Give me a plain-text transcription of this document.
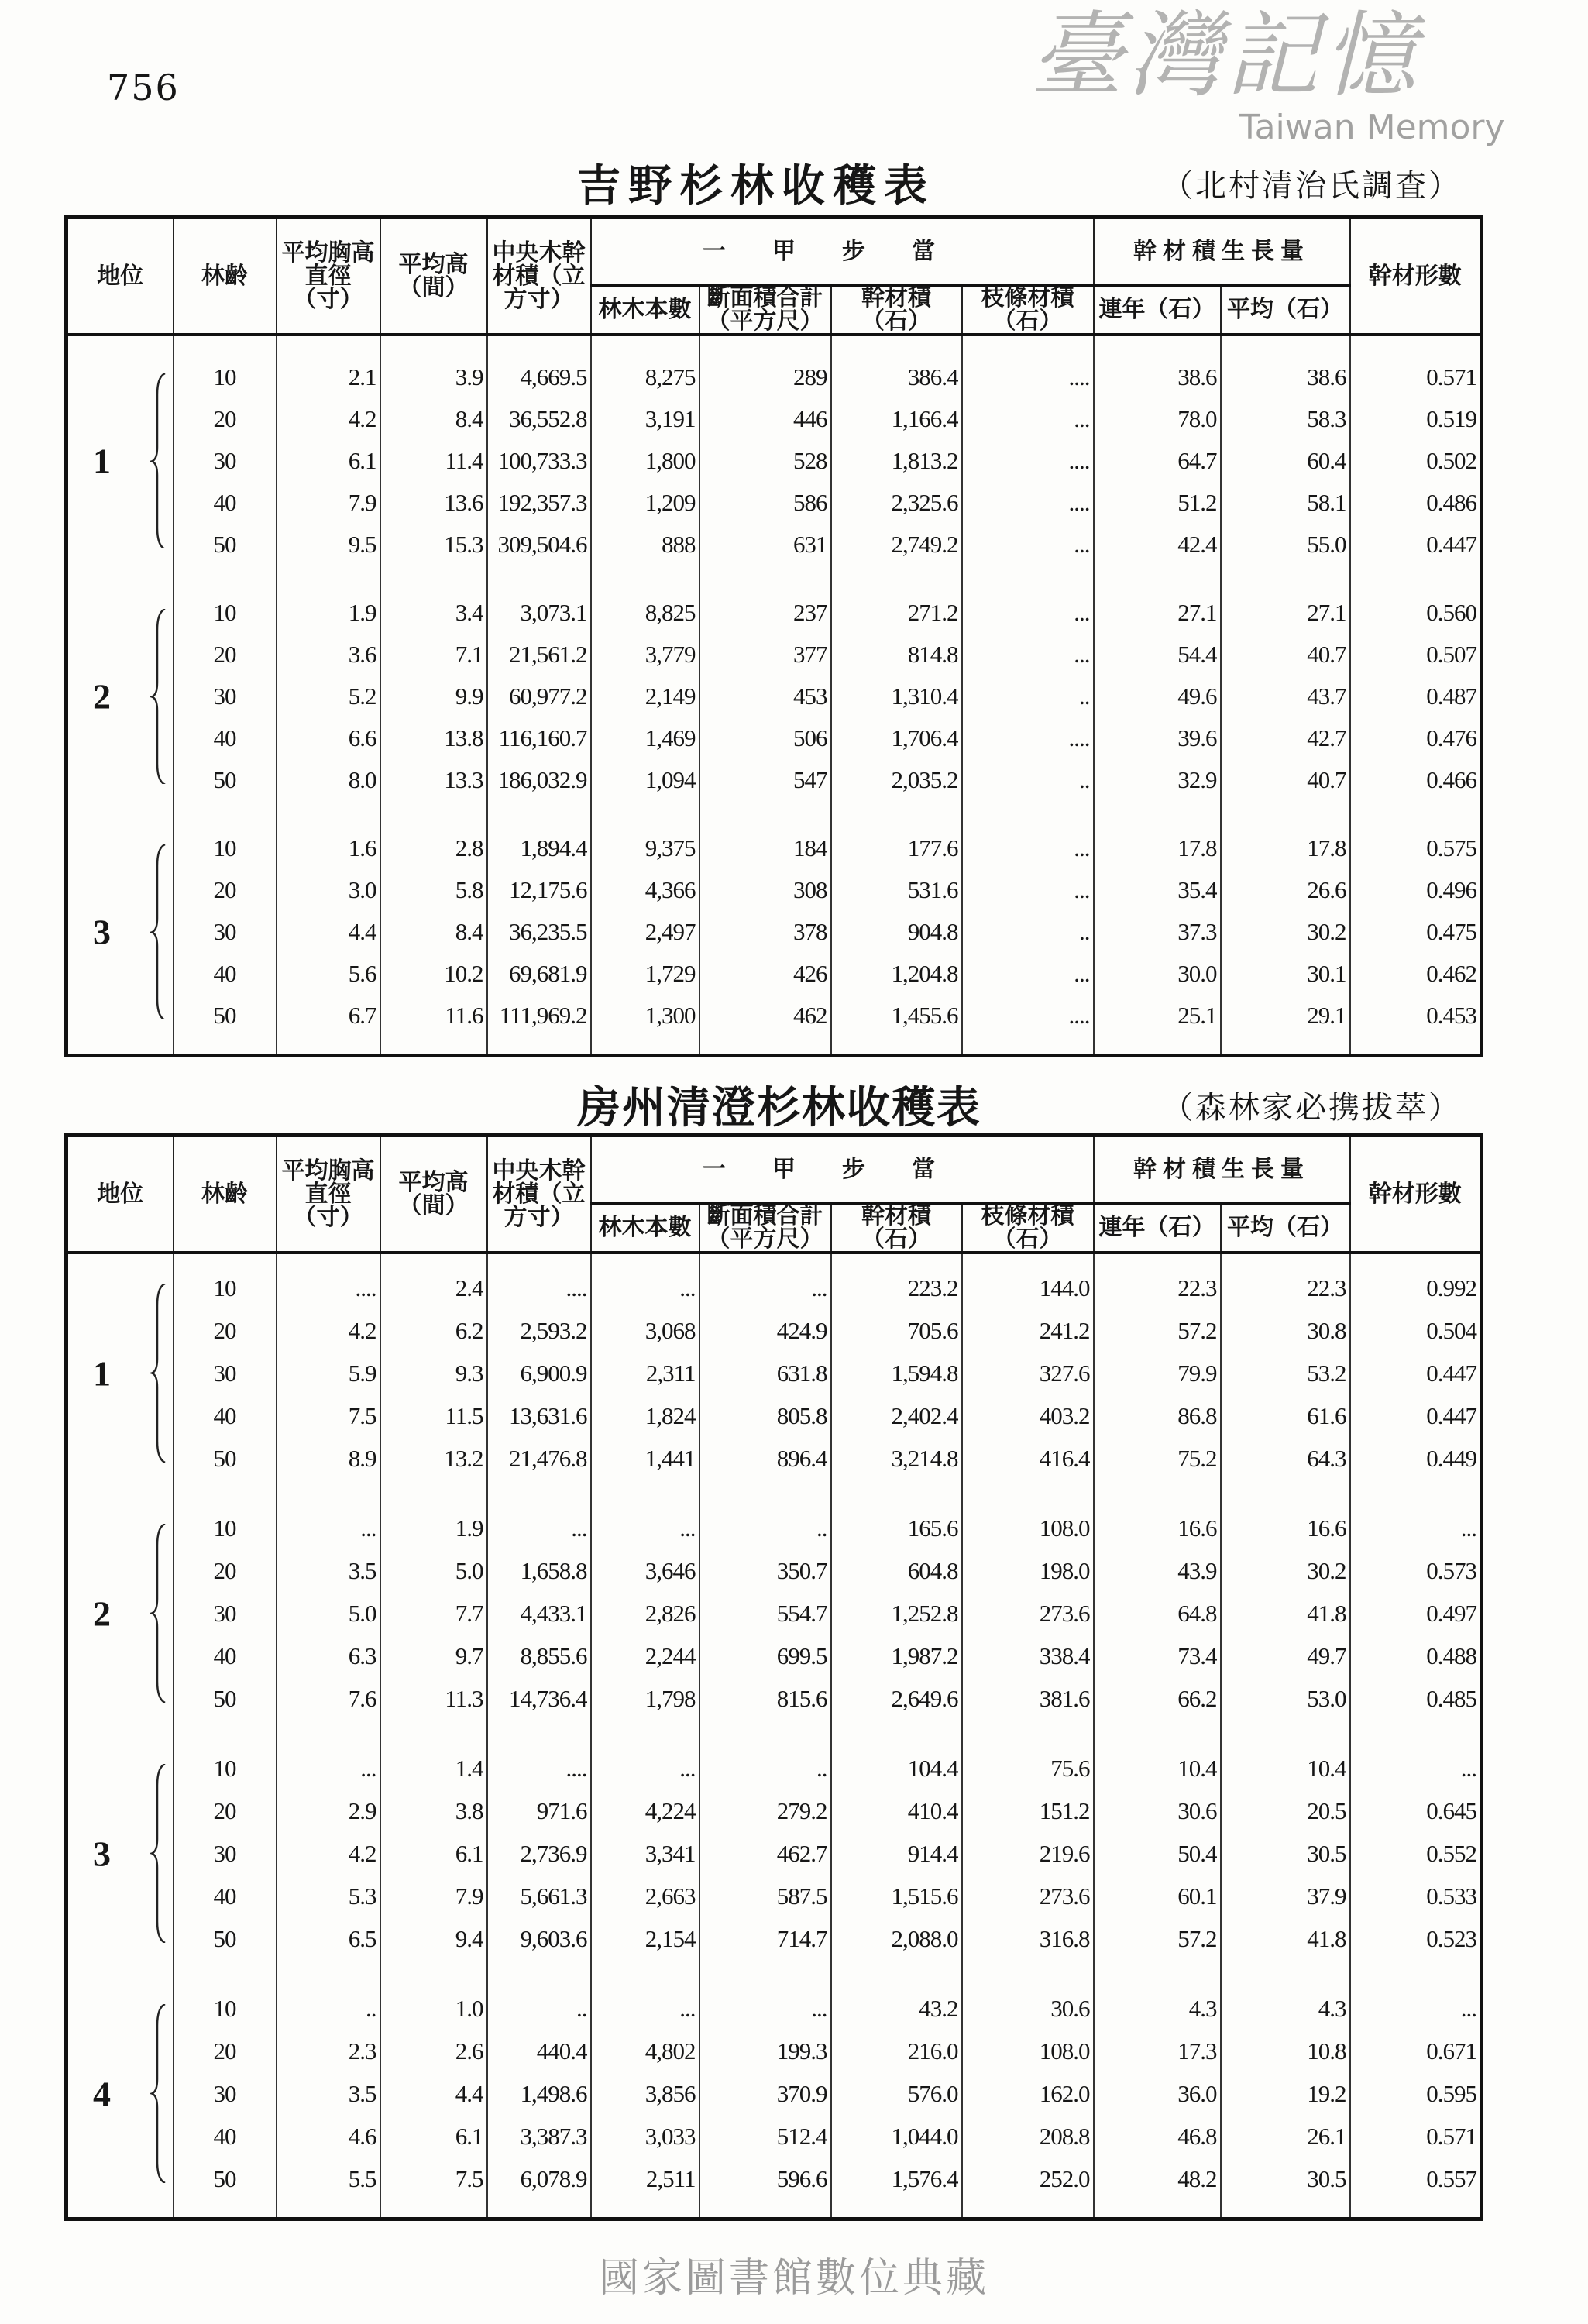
756	臺灣記憶
Taiwan Memory
吉野杉林收穫表	（北村清治氏調査）
地位	林齡	平均胸高直徑（寸）	平均高（間）	中央木幹材積（立方寸）	一甲步當				幹材積生長量		幹材形數
					林木本數	斷面積合計（平方尺）	幹材積（石）	枝條材積（石）	連年（石）	平均（石）	

1	10	2.1	3.9	4,669.5	8,275	289	386.4	....	38.6	38.6	0.571
	20	4.2	8.4	36,552.8	3,191	446	1,166.4	...	78.0	58.3	0.519
	30	6.1	11.4	100,733.3	1,800	528	1,813.2	....	64.7	60.4	0.502
	40	7.9	13.6	192,357.3	1,209	586	2,325.6	....	51.2	58.1	0.486
	50	9.5	15.3	309,504.6	888	631	2,749.2	...	42.4	55.0	0.447

2	10	1.9	3.4	3,073.1	8,825	237	271.2	...	27.1	27.1	0.560
	20	3.6	7.1	21,561.2	3,779	377	814.8	...	54.4	40.7	0.507
	30	5.2	9.9	60,977.2	2,149	453	1,310.4	..	49.6	43.7	0.487
	40	6.6	13.8	116,160.7	1,469	506	1,706.4	....	39.6	42.7	0.476
	50	8.0	13.3	186,032.9	1,094	547	2,035.2	..	32.9	40.7	0.466

3	10	1.6	2.8	1,894.4	9,375	184	177.6	...	17.8	17.8	0.575
	20	3.0	5.8	12,175.6	4,366	308	531.6	...	35.4	26.6	0.496
	30	4.4	8.4	36,235.5	2,497	378	904.8	..	37.3	30.2	0.475
	40	5.6	10.2	69,681.9	1,729	426	1,204.8	...	30.0	30.1	0.462
	50	6.7	11.6	111,969.2	1,300	462	1,455.6	....	25.1	29.1	0.453

房州清澄杉林收穫表	（森林家必携拔萃）
地位	林齡	平均胸高直徑（寸）	平均高（間）	中央木幹材積（立方寸）	一甲步當				幹材積生長量		幹材形數
					林木本數	斷面積合計（平方尺）	幹材積（石）	枝條材積（石）	連年（石）	平均（石）	

1	10	....	2.4	....	...	...	223.2	144.0	22.3	22.3	0.992
	20	4.2	6.2	2,593.2	3,068	424.9	705.6	241.2	57.2	30.8	0.504
	30	5.9	9.3	6,900.9	2,311	631.8	1,594.8	327.6	79.9	53.2	0.447
	40	7.5	11.5	13,631.6	1,824	805.8	2,402.4	403.2	86.8	61.6	0.447
	50	8.9	13.2	21,476.8	1,441	896.4	3,214.8	416.4	75.2	64.3	0.449

2	10	...	1.9	...	...	..	165.6	108.0	16.6	16.6	...
	20	3.5	5.0	1,658.8	3,646	350.7	604.8	198.0	43.9	30.2	0.573
	30	5.0	7.7	4,433.1	2,826	554.7	1,252.8	273.6	64.8	41.8	0.497
	40	6.3	9.7	8,855.6	2,244	699.5	1,987.2	338.4	73.4	49.7	0.488
	50	7.6	11.3	14,736.4	1,798	815.6	2,649.6	381.6	66.2	53.0	0.485

3	10	...	1.4	....	...	..	104.4	75.6	10.4	10.4	...
	20	2.9	3.8	971.6	4,224	279.2	410.4	151.2	30.6	20.5	0.645
	30	4.2	6.1	2,736.9	3,341	462.7	914.4	219.6	50.4	30.5	0.552
	40	5.3	7.9	5,661.3	2,663	587.5	1,515.6	273.6	60.1	37.9	0.533
	50	6.5	9.4	9,603.6	2,154	714.7	2,088.0	316.8	57.2	41.8	0.523

4	10	..	1.0	..	...	...	43.2	30.6	4.3	4.3	...
	20	2.3	2.6	440.4	4,802	199.3	216.0	108.0	17.3	10.8	0.671
	30	3.5	4.4	1,498.6	3,856	370.9	576.0	162.0	36.0	19.2	0.595
	40	4.6	6.1	3,387.3	3,033	512.4	1,044.0	208.8	46.8	26.1	0.571
	50	5.5	7.5	6,078.9	2,511	596.6	1,576.4	252.0	48.2	30.5	0.557

國家圖書館數位典藏
